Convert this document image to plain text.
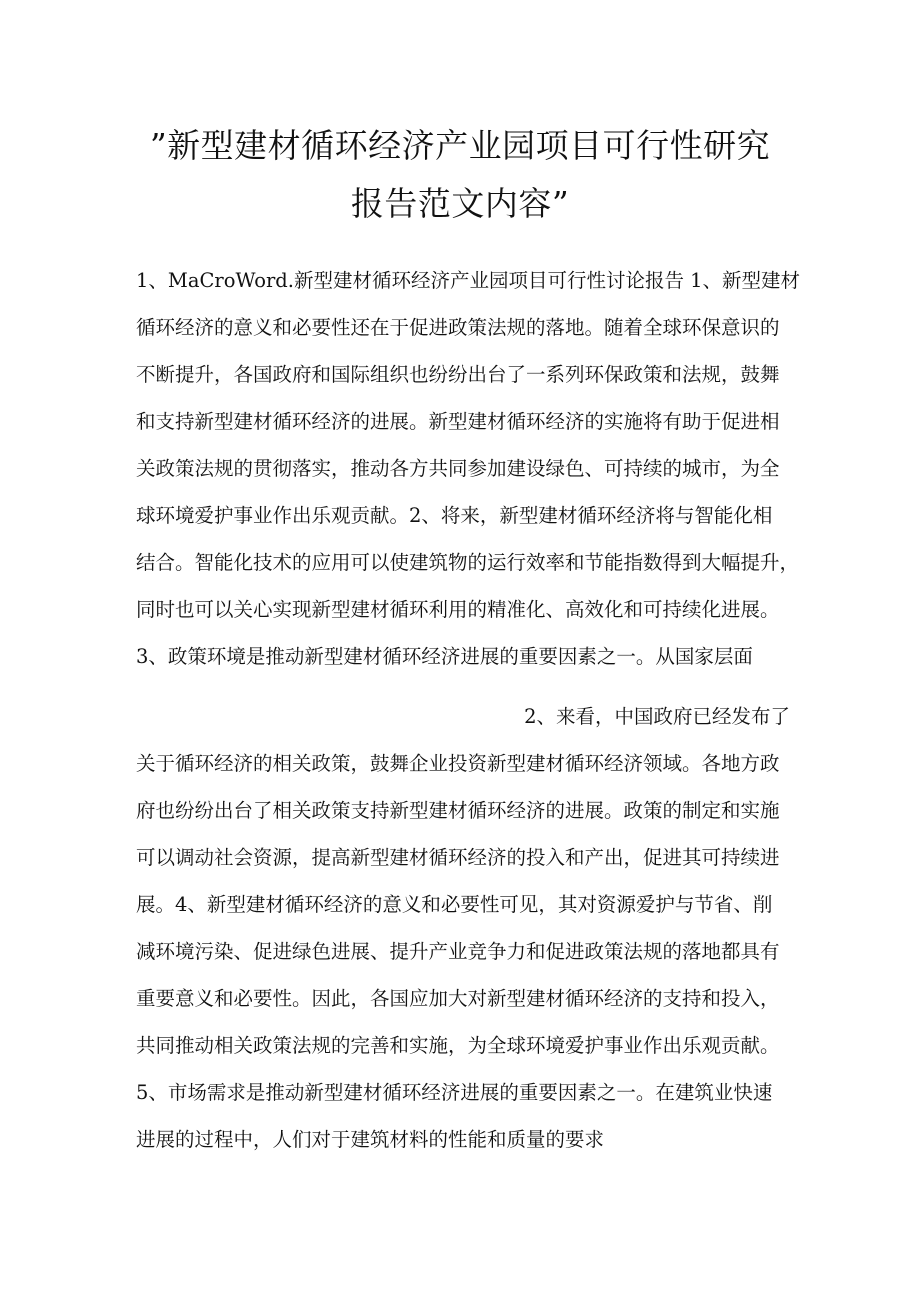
”新型建材循环经济产业园项目可行性研究
报告范文内容”
1、MaCroWord.新型建材循环经济产业园项目可行性讨论报告 1、新型建材
循环经济的意义和必要性还在于促进政策法规的落地。随着全球环保意识的
不断提升，各国政府和国际组织也纷纷出台了一系列环保政策和法规，鼓舞
和支持新型建材循环经济的进展。新型建材循环经济的实施将有助于促进相
关政策法规的贯彻落实，推动各方共同参加建设绿色、可持续的城市，为全
球环境爱护事业作出乐观贡献。2、将来，新型建材循环经济将与智能化相
结合。智能化技术的应用可以使建筑物的运行效率和节能指数得到大幅提升，
同时也可以关心实现新型建材循环利用的精准化、高效化和可持续化进展。
3、政策环境是推动新型建材循环经济进展的重要因素之一。从国家层面
2、来看，中国政府已经发布了
关于循环经济的相关政策，鼓舞企业投资新型建材循环经济领域。各地方政
府也纷纷出台了相关政策支持新型建材循环经济的进展。政策的制定和实施
可以调动社会资源，提高新型建材循环经济的投入和产出，促进其可持续进
展。4、新型建材循环经济的意义和必要性可见，其对资源爱护与节省、削
减环境污染、促进绿色进展、提升产业竞争力和促进政策法规的落地都具有
重要意义和必要性。因此，各国应加大对新型建材循环经济的支持和投入，
共同推动相关政策法规的完善和实施，为全球环境爱护事业作出乐观贡献。
5、市场需求是推动新型建材循环经济进展的重要因素之一。在建筑业快速
进展的过程中，人们对于建筑材料的性能和质量的要求
